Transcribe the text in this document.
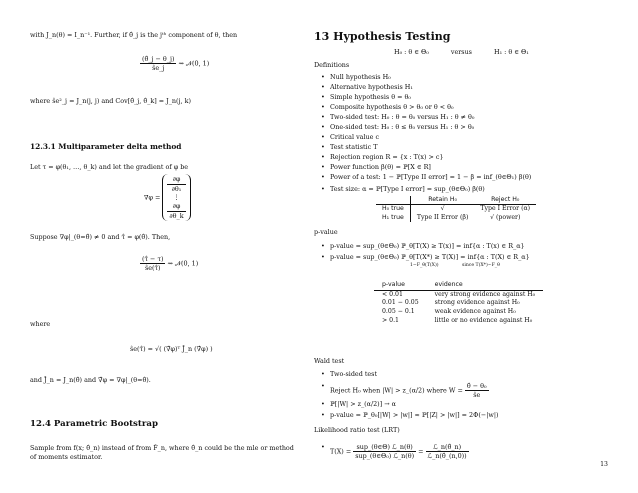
with J_n(θ) = I_n⁻¹. Further, if θ̂_j is the jᵗʰ component of θ, then
$\frac{(\thetâ\_j - \theta\_j)}{ŝe\_j}$ ⇝ 𝒩(0, 1)
where ŝe²_j = J_n(j, j) and Cov[θ̂_j, θ̂_k] = J_n(j, k)
12.3.1 Multiparameter delta method
Let τ = φ(θ₁, …, θ_k) and let the gradient of φ be
∇φ =
∂φ
∂θ₁
⋮
∂φ
∂θ_k
Suppose ∇φ|_(θ=θ̂) ≠ 0 and τ̂ = φ(θ̂). Then,
$\frac{(\taû - \tau)}{ŝe(\taû)}$ ⇝ 𝒩(0, 1)
where
ŝe(τ̂) = √( (∇̂φ)ᵀ Ĵ_n (∇̂φ) )
and Ĵ_n = J_n(θ̂) and ∇̂φ = ∇φ|_(θ=θ̂).
12.4 Parametric Bootstrap
Sample from f(x; θ̂_n) instead of from F̂_n, where θ̂_n could be the mle or method
of moments estimator.
13 Hypothesis Testing
H₀ : θ ∈ Θ₀	versus	H₁ : θ ∈ Θ₁
Definitions
• Null hypothesis H₀
• Alternative hypothesis H₁
• Simple hypothesis θ = θ₀
• Composite hypothesis θ > θ₀ or θ < θ₀
• Two-sided test: H₀ : θ = θ₀ versus H₁ : θ ≠ θ₀
• One-sided test: H₀ : θ ≤ θ₀ versus H₁ : θ > θ₀
• Critical value c
• Test statistic T
• Rejection region R = {x : T(x) > c}
• Power function β(θ) = ℙ[X ∈ R]
• Power of a test: 1 − ℙ[Type II error] = 1 − β = inf_(θ∈Θ₁) β(θ)
• Test size: α = ℙ[Type I error] = sup_(θ∈Θ₀) β(θ)
	Retain H₀	Reject H₀
H₀ true	√	Type I Error (α)
H₁ true	Type II Error (β)	√ (power)
p-value
• p-value = sup_(θ∈Θ₀) ℙ_θ[T(X) ≥ T(x)] = inf{α : T(x) ∈ R_α}
• p-value = sup_(θ∈Θ₀) ℙ_θ[T(X*) ≥ T(X)] = inf{α : T(X) ∈ R_α}
1−F_θ(T(X))	since T(X*)∼F_θ
p-value	evidence
< 0.01	very strong evidence against H₀
0.01 − 0.05	strong evidence against H₀
0.05 − 0.1	weak evidence against H₀
> 0.1	little or no evidence against H₀
Wald test
• Two-sided test
• Reject H₀ when |W| > z_(α/2) where $W = \frac{\text{θ̂ − θ₀}}{ŝe}$
• ℙ[|W| > z_(α/2)] → α
• p-value = ℙ_θ₀[|W| > |w|] ≈ ℙ[|Z| > |w|] = 2Φ(−|w|)
Likelihood ratio test (LRT)
• $T(X) = \frac{\text{sup\_(θ∈Θ) ℒ\_n(θ)}}{\text{sup\_(θ∈Θ₀) ℒ\_n(θ)}} = \frac{\text{ℒ\_n(θ̂\_n)}}{\text{ℒ\_n(θ̂\_(n,0))}}$
13
